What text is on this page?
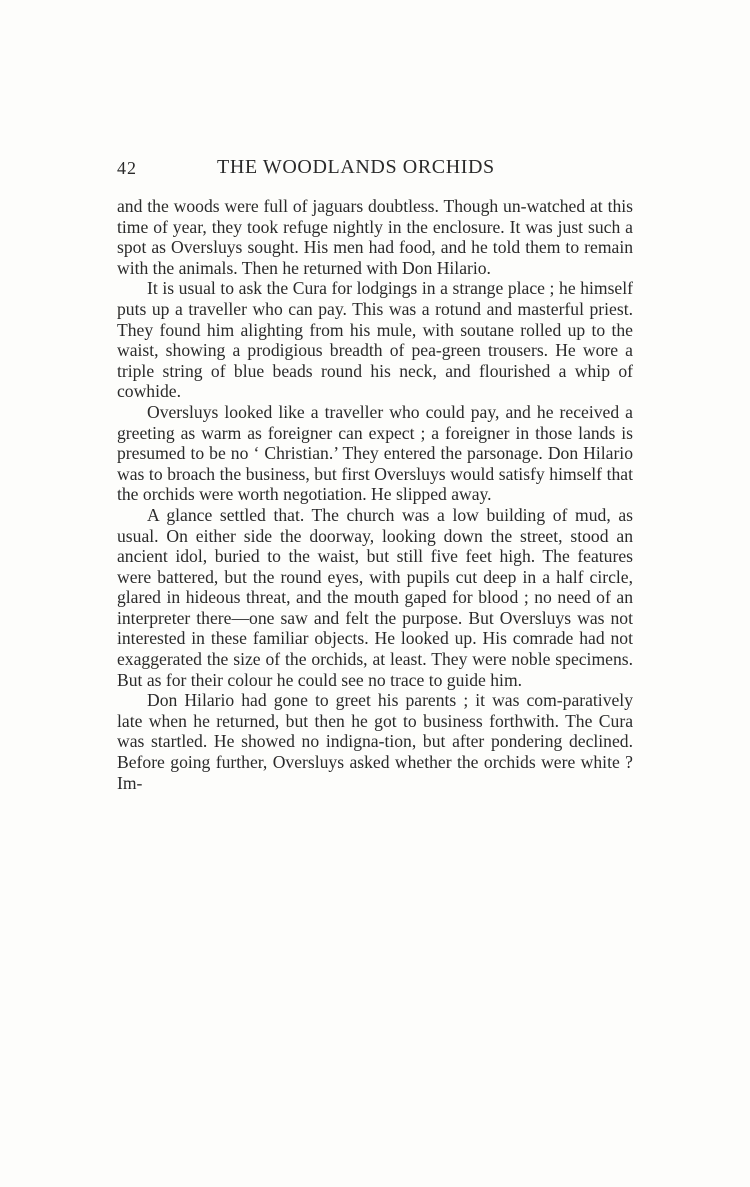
42	THE WOODLANDS ORCHIDS

and the woods were full of jaguars doubtless. Though un-watched at this time of year, they took refuge nightly in the enclosure. It was just such a spot as Oversluys sought. His men had food, and he told them to remain with the animals. Then he returned with Don Hilario.

It is usual to ask the Cura for lodgings in a strange place ; he himself puts up a traveller who can pay. This was a rotund and masterful priest. They found him alighting from his mule, with soutane rolled up to the waist, showing a prodigious breadth of pea-green trousers. He wore a triple string of blue beads round his neck, and flourished a whip of cowhide.

Oversluys looked like a traveller who could pay, and he received a greeting as warm as foreigner can expect ; a foreigner in those lands is presumed to be no ‘ Christian.’ They entered the parsonage. Don Hilario was to broach the business, but first Oversluys would satisfy himself that the orchids were worth negotiation. He slipped away.

A glance settled that. The church was a low building of mud, as usual. On either side the doorway, looking down the street, stood an ancient idol, buried to the waist, but still five feet high. The features were battered, but the round eyes, with pupils cut deep in a half circle, glared in hideous threat, and the mouth gaped for blood ; no need of an interpreter there—one saw and felt the purpose. But Oversluys was not interested in these familiar objects. He looked up. His comrade had not exaggerated the size of the orchids, at least. They were noble specimens. But as for their colour he could see no trace to guide him.

Don Hilario had gone to greet his parents ; it was com-paratively late when he returned, but then he got to business forthwith. The Cura was startled. He showed no indigna-tion, but after pondering declined. Before going further, Oversluys asked whether the orchids were white ? Im-
